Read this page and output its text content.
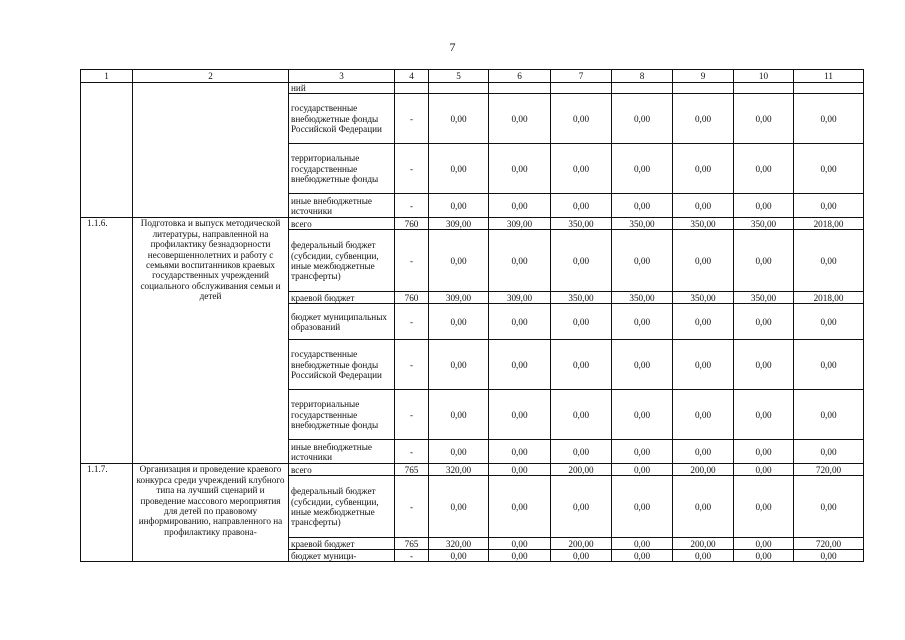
7
1	2	3	4	5	6	7	8	9	10	11
		ний								
		государственные внебюджетные фонды Российской Федерации	-	0,00	0,00	0,00	0,00	0,00	0,00	0,00
		территориальные государственные внебюджетные фонды	-	0,00	0,00	0,00	0,00	0,00	0,00	0,00
		иные внебюджетные источники	-	0,00	0,00	0,00	0,00	0,00	0,00	0,00
1.1.6.	Подготовка и выпуск методической литературы, направленной на профилактику безнадзорности несовершеннолетних и работу с семьями воспитанников краевых государственных учреждений социального обслуживания семьи и детей	всего	760	309,00	309,00	350,00	350,00	350,00	350,00	2018,00
		федеральный бюджет (субсидии, субвенции, иные межбюджетные трансферты)	-	0,00	0,00	0,00	0,00	0,00	0,00	0,00
		краевой бюджет	760	309,00	309,00	350,00	350,00	350,00	350,00	2018,00
		бюджет муниципальных образований	-	0,00	0,00	0,00	0,00	0,00	0,00	0,00
		государственные внебюджетные фонды Российской Федерации	-	0,00	0,00	0,00	0,00	0,00	0,00	0,00
		территориальные государственные внебюджетные фонды	-	0,00	0,00	0,00	0,00	0,00	0,00	0,00
		иные внебюджетные источники	-	0,00	0,00	0,00	0,00	0,00	0,00	0,00
1.1.7.	Организация и проведение краевого конкурса среди учреждений клубного типа на лучший сценарий и проведение массового мероприятия для детей по правовому информированию, направленного на профилактику правона-	всего	765	320,00	0,00	200,00	0,00	200,00	0,00	720,00
		федеральный бюджет (субсидии, субвенции, иные межбюджетные трансферты)	-	0,00	0,00	0,00	0,00	0,00	0,00	0,00
		краевой бюджет	765	320,00	0,00	200,00	0,00	200,00	0,00	720,00
		бюджет муници-	-	0,00	0,00	0,00	0,00	0,00	0,00	0,00
